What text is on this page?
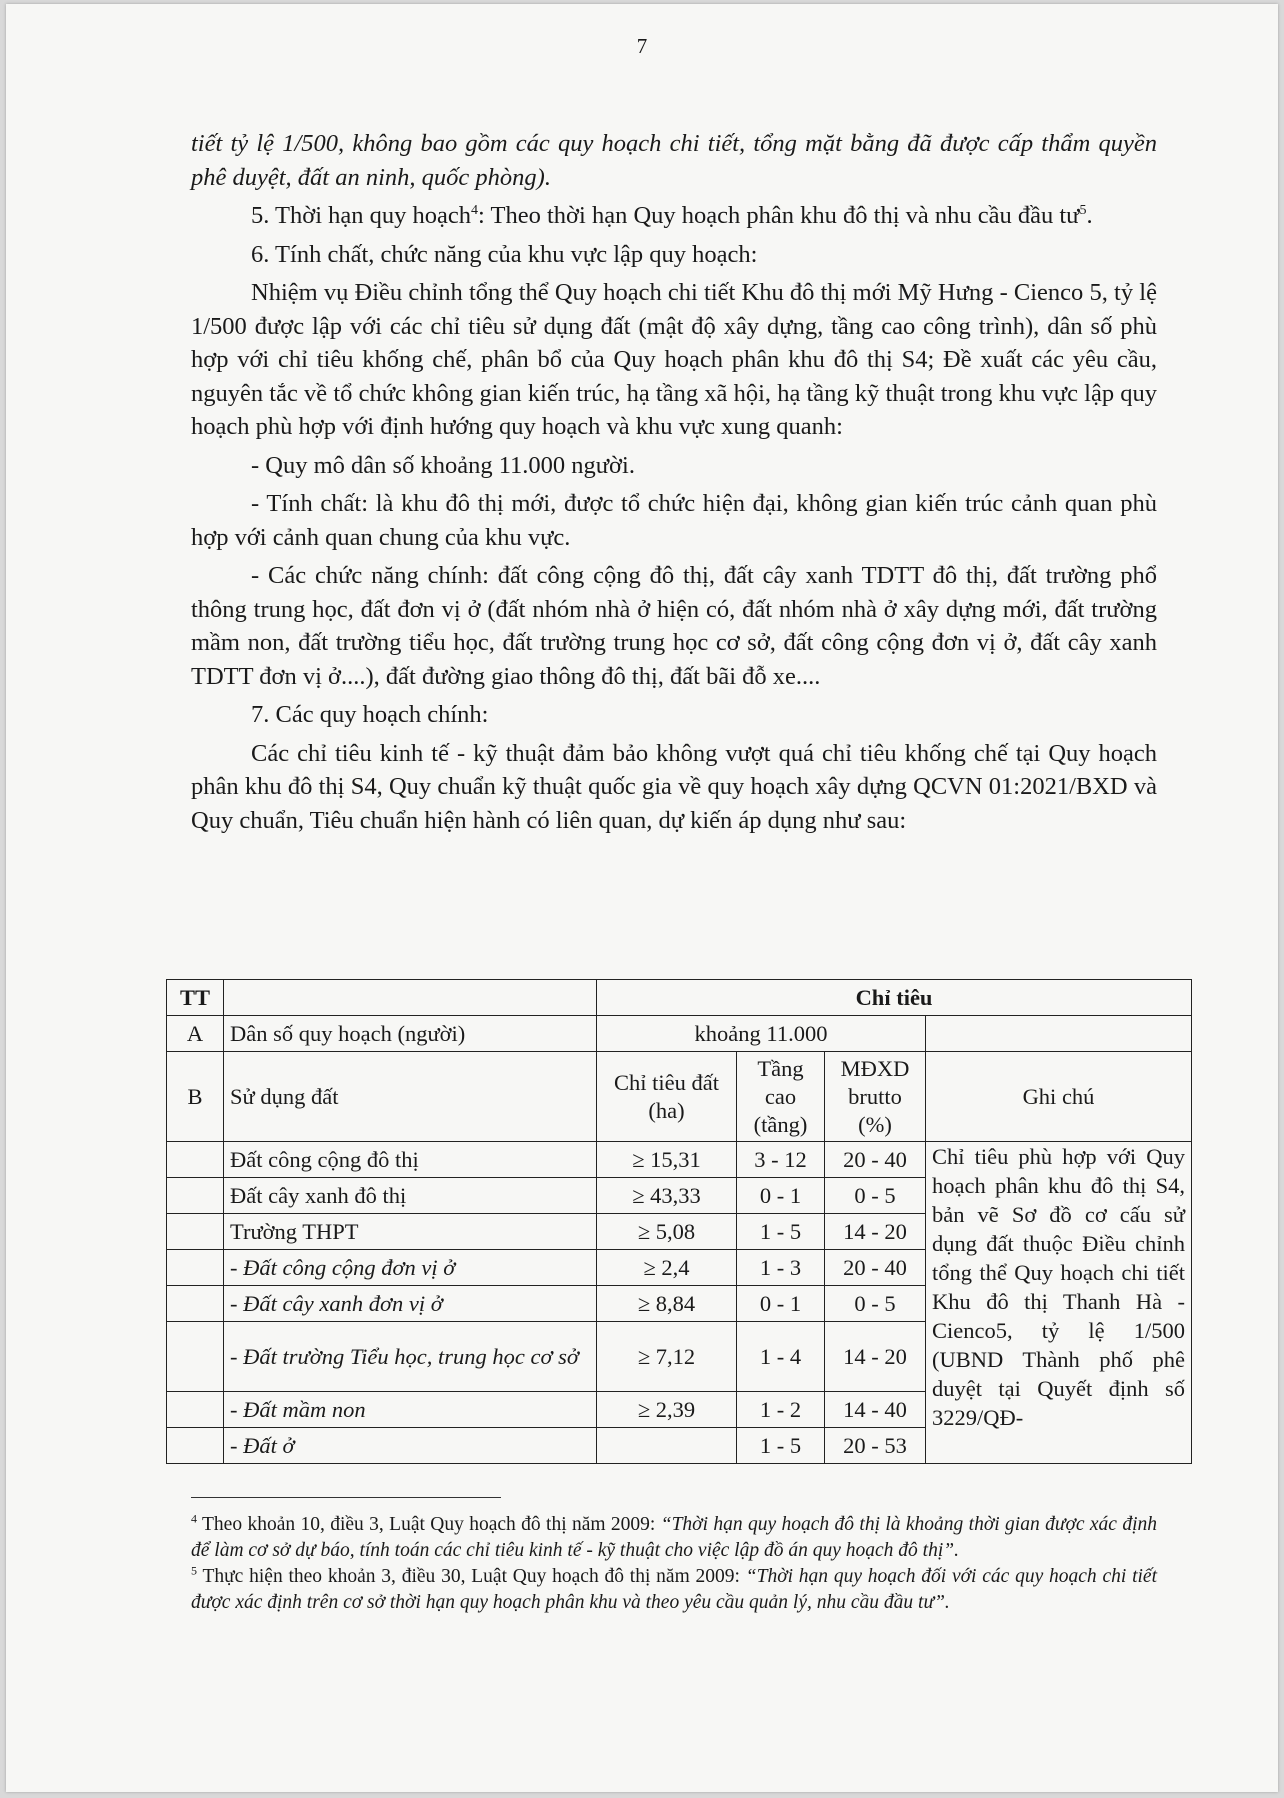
7

tiết tỷ lệ 1/500, không bao gồm các quy hoạch chi tiết, tổng mặt bằng đã được cấp thẩm quyền phê duyệt, đất an ninh, quốc phòng).

5. Thời hạn quy hoạch$^4$: Theo thời hạn Quy hoạch phân khu đô thị và nhu cầu đầu $tư^5$.

6. Tính chất, chức năng của khu vực lập quy hoạch:

Nhiệm vụ Điều chỉnh tổng thể Quy hoạch chi tiết Khu đô thị mới Mỹ Hưng - Cienco 5, tỷ lệ 1/500 được lập với các chỉ tiêu sử dụng đất (mật độ xây dựng, tầng cao công trình), dân số phù hợp với chỉ tiêu khống chế, phân bổ của Quy hoạch phân khu đô thị S4; Đề xuất các yêu cầu, nguyên tắc về tổ chức không gian kiến trúc, hạ tầng xã hội, hạ tầng kỹ thuật trong khu vực lập quy hoạch phù hợp với định hướng quy hoạch và khu vực xung quanh:

- Quy mô dân số khoảng 11.000 người.

- Tính chất: là khu đô thị mới, được tổ chức hiện đại, không gian kiến trúc cảnh quan phù hợp với cảnh quan chung của khu vực.

- Các chức năng chính: đất công cộng đô thị, đất cây xanh TDTT đô thị, đất trường phổ thông trung học, đất đơn vị ở (đất nhóm nhà ở hiện có, đất nhóm nhà ở xây dựng mới, đất trường mầm non, đất trường tiểu học, đất trường trung học cơ sở, đất công cộng đơn vị ở, đất cây xanh TDTT đơn vị ở....), đất đường giao thông đô thị, đất bãi đỗ xe....

7. Các quy hoạch chính:

Các chỉ tiêu kinh tế - kỹ thuật đảm bảo không vượt quá chỉ tiêu khống chế tại Quy hoạch phân khu đô thị S4, Quy chuẩn kỹ thuật quốc gia về quy hoạch xây dựng QCVN 01:2021/BXD và Quy chuẩn, Tiêu chuẩn hiện hành có liên quan, dự kiến áp dụng như sau:

TT		Chỉ tiêu			
A	Dân số quy hoạch (người)	khoảng 11.000			
B	Sử dụng đất	Chỉ tiêu đất (ha)	Tầng cao (tầng)	MĐXD brutto (%)	Ghi chú
	Đất công cộng đô thị	≥ 15,31	3 - 12	20 - 40	Chỉ tiêu phù hợp với Quy hoạch phân khu đô thị S4, bản vẽ Sơ đồ cơ cấu sử dụng đất thuộc Điều chỉnh tổng thể Quy hoạch chi tiết Khu đô thị Thanh Hà - Cienco5, tỷ lệ 1/500 (UBND Thành phố phê duyệt tại Quyết định số 3229/QĐ-
	Đất cây xanh đô thị	≥ 43,33	0 - 1	0 - 5	
	Trường THPT	≥ 5,08	1 - 5	14 - 20	
	- Đất công cộng đơn vị ở	≥ 2,4	1 - 3	20 - 40	
	- Đất cây xanh đơn vị ở	≥ 8,84	0 - 1	0 - 5	
	- Đất trường Tiểu học, trung học cơ sở	≥ 7,12	1 - 4	14 - 20	
	- Đất mầm non	≥ 2,39	1 - 2	14 - 40	
	- Đất ở		1 - 5	20 - 53	

$^4$ Theo khoản 10, điều 3, Luật Quy hoạch đô thị năm 2009: “Thời hạn quy hoạch đô thị là khoảng thời gian được xác định để làm cơ sở dự báo, tính toán các chỉ tiêu kinh tế - kỹ thuật cho việc lập đồ án quy hoạch đô thị”.

$^5$ Thực hiện theo khoản 3, điều 30, Luật Quy hoạch đô thị năm 2009: “Thời hạn quy hoạch đối với các quy hoạch chi tiết được xác định trên cơ sở thời hạn quy hoạch phân khu và theo yêu cầu quản lý, nhu cầu đầu tư”.
